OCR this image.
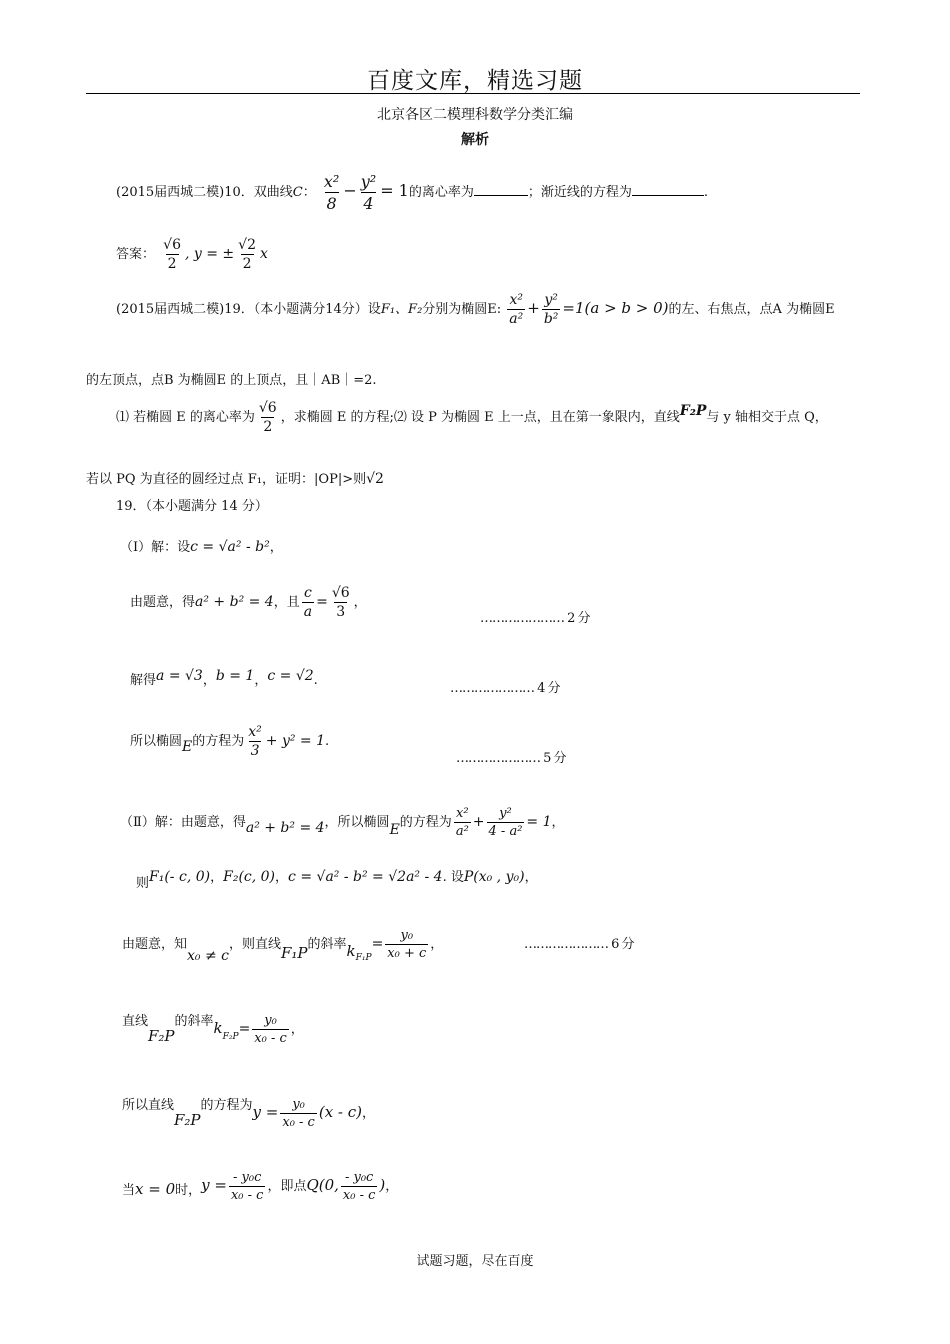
百度文库，精选习题
北京各区二模理科数学分类汇编
解析
(2015届西城二模)10．双曲线C： $\frac{\text{x²}}{8} - \frac{\text{y²}}{4} = 1$的离心率为	；渐近线的方程为	.
答案： $\frac{√6}{2}$ , y = ± $\frac{√2}{2}$ x
(2015届西城二模)19．（本小题满分14分）设F₁、F₂分别为椭圆E: $\frac{\text{x²}}{\text{a²}} + \frac{\text{y²}}{\text{b²}} =1(a > b > 0)$的左、右焦点，点A 为椭圆E
的左顶点，点B 为椭圆E 的上顶点，且｜AB｜=2.
⑴ 若椭圆 E 的离心率为 $\frac{√6}{2}$ ，求椭圆 E 的方程;⑵ 设 P 为椭圆 E 上一点，且在第一象限内，直线F₂P与 y 轴相交于点 Q，
若以 PQ 为直径的圆经过点 F₁，证明：|OP|>则√2
19．（本小题满分 14 分）
（Ⅰ）解：设c = √a² - b²，
由题意，得a² + b² = 4，且 $\frac{c}{a} = \frac{√6}{3}$ ，
………………… 2 分
解得a = √3，b = 1，c = √2.
………………… 4 分
所以椭圆E的方程为 $\frac{\text{x²}}{3} + y^2 = 1$.
………………… 5 分
（Ⅱ）解：由题意，得a² + b² = 4，所以椭圆E的方程为 $\frac{\text{x²}}{\text{a²}} + \frac{\text{y²}}{\text{4 - a²}} = 1$，
则F₁(- c, 0)，F₂(c, 0)，c = √a² - b² = √2a² - 4. 设P(x₀ , y₀)，
由题意，知x₀ ≠ c，则直线F₁P的斜率$k_{F_1P}= \frac{\text{y₀}}{\text{x₀ + c}}$ ，	………………… 6 分
直线F₂P的斜率$k_{F_2P}= \frac{\text{y₀}}{\text{x₀ - c}}$ ，
所以直线F₂P的方程为$y = \frac{\text{y₀}}{\text{x₀ - c}} (x - c)$，
当x = 0时，$y = \frac{\text{- y₀c}}{\text{x₀ - c}}$ ，即点Q(0, $\frac{\text{- y₀c}}{\text{x₀ - c}}$ )，
试题习题，尽在百度
